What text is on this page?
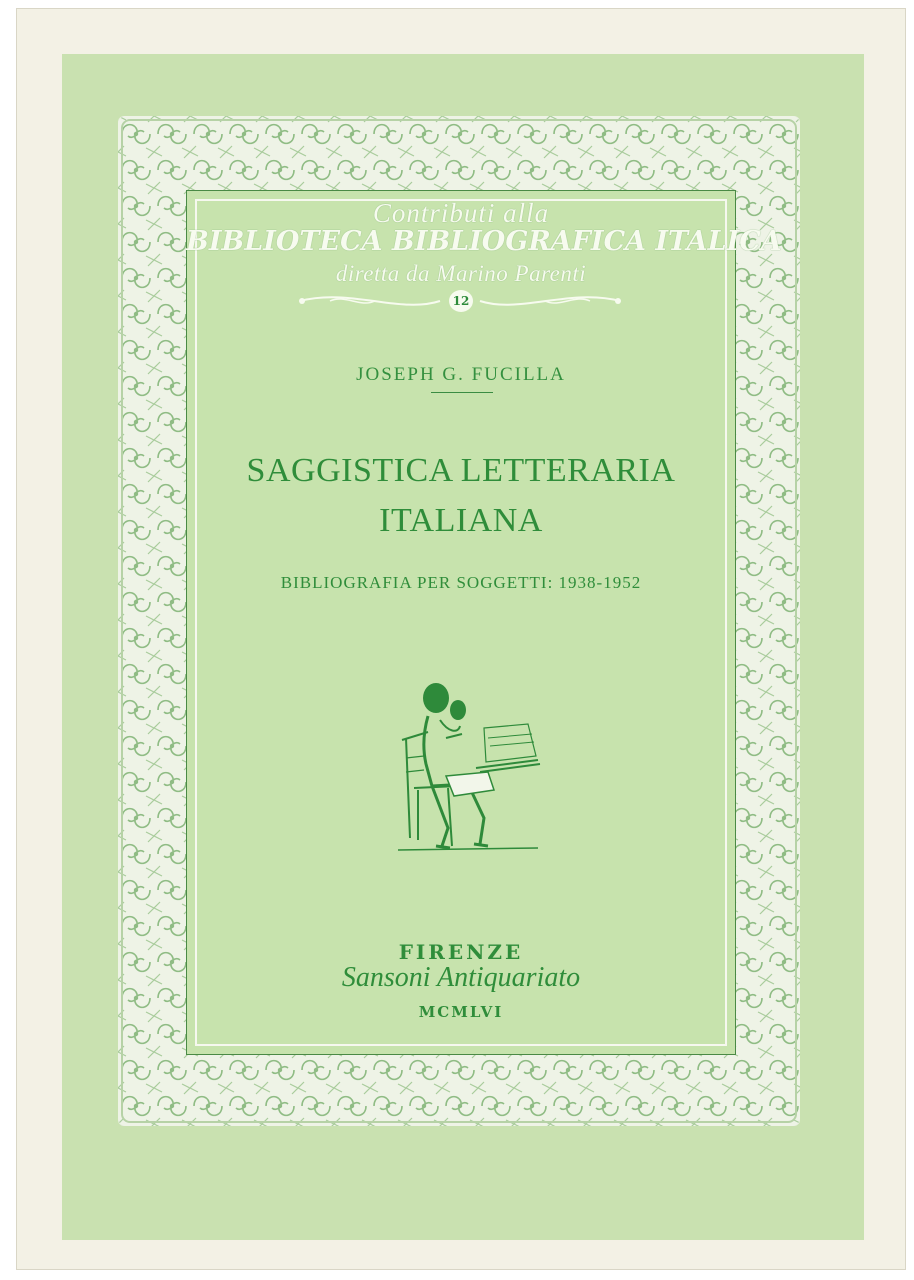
Contributi alla
BIBLIOTECA BIBLIOGRAFICA ITALICA
diretta da Marino Parenti
12
JOSEPH G. FUCILLA
SAGGISTICA LETTERARIA
ITALIANA
BIBLIOGRAFIA PER SOGGETTI: 1938-1952
FIRENZE
Sansoni Antiquariato
MCMLVI
